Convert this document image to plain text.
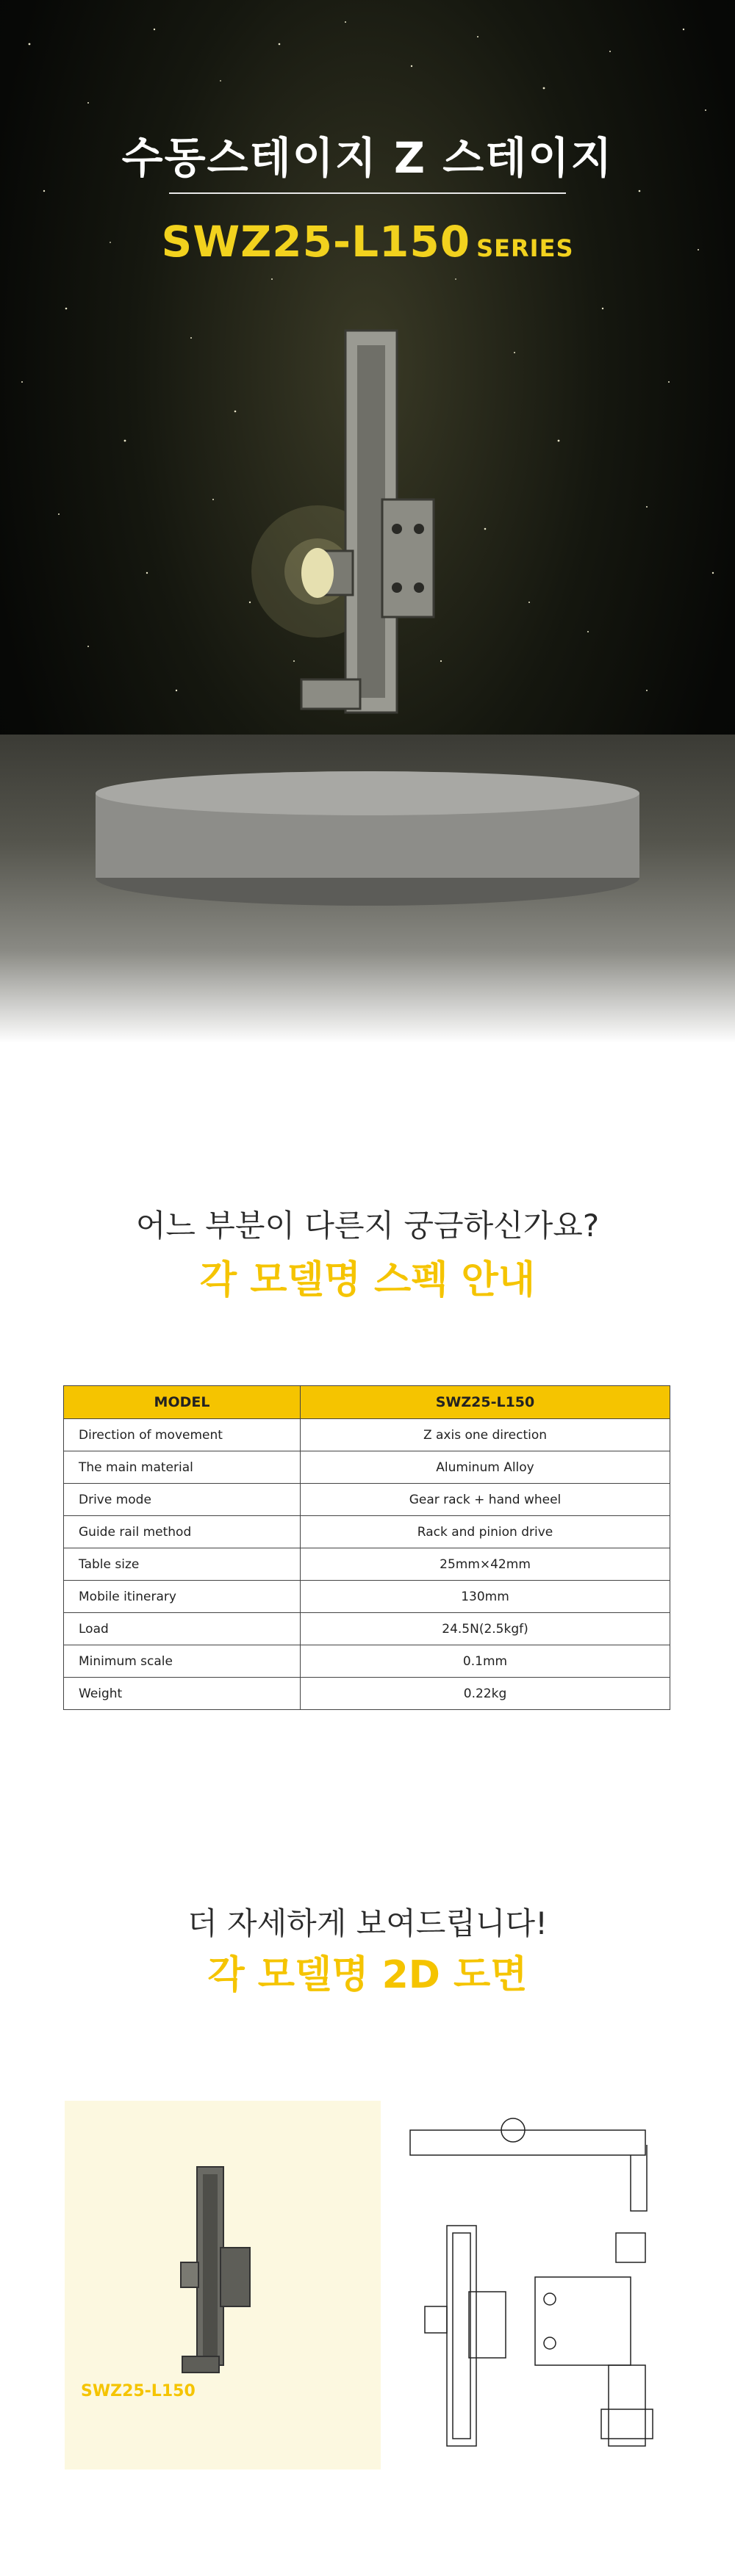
수동스테이지 Z 스테이지
SWZ25-L150 SERIES
어느 부분이 다른지 궁금하신가요?
각 모델명 스펙 안내
MODEL	SWZ25-L150
Direction of movement	Z axis one direction
The main material	Aluminum Alloy
Drive mode	Gear rack + hand wheel
Guide rail method	Rack and pinion drive
Table size	25mm×42mm
Mobile itinerary	130mm
Load	24.5N(2.5kgf)
Minimum scale	0.1mm
Weight	0.22kg
더 자세하게 보여드립니다!
각 모델명 2D 도면
SWZ25-L150
